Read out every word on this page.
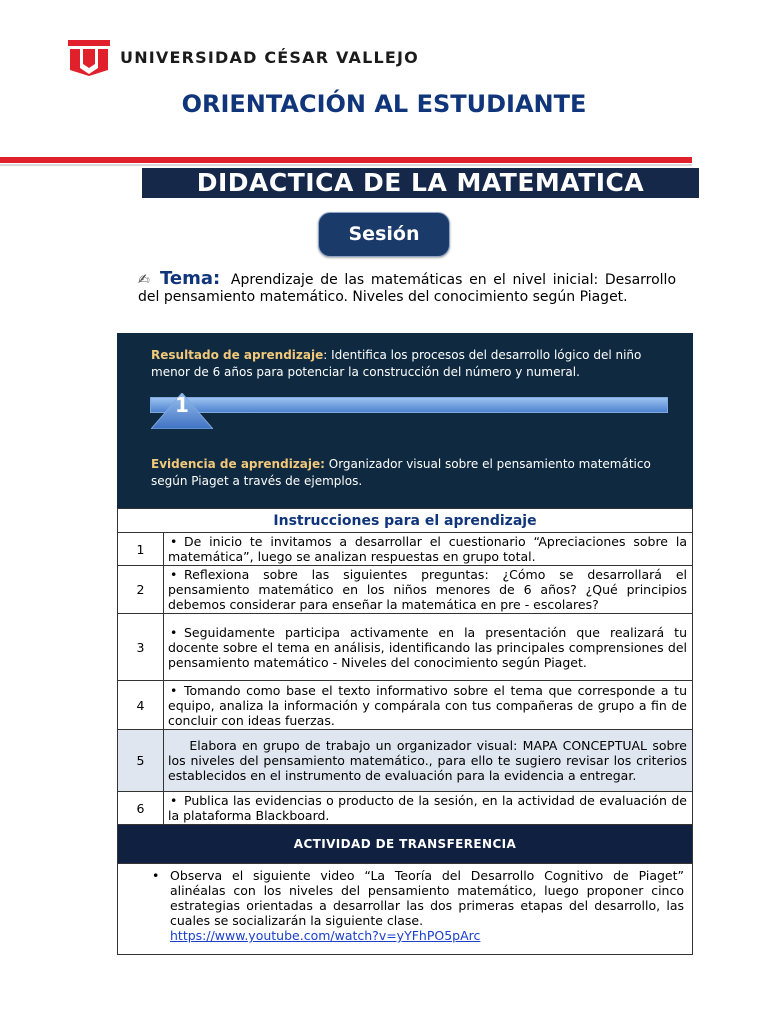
UNIVERSIDAD CÉSAR VALLEJO
ORIENTACIÓN AL ESTUDIANTE
DIDACTICA DE LA MATEMATICA
Sesión
✍ Tema: Aprendizaje de las matemáticas en el nivel inicial: Desarrollo del pensamiento matemático. Niveles del conocimiento según Piaget.
Resultado de aprendizaje: Identifica los procesos del desarrollo lógico del niño menor de 6 años para potenciar la construcción del número y numeral.
1
Evidencia de aprendizaje: Organizador visual sobre el pensamiento matemático según Piaget a través de ejemplos.
Instrucciones para el aprendizaje	
1	• De inicio te invitamos a desarrollar el cuestionario “Apreciaciones sobre la matemática”, luego se analizan respuestas en grupo total.
2	• Reflexiona sobre las siguientes preguntas: ¿Cómo se desarrollará el pensamiento matemático en los niños menores de 6 años? ¿Qué principios debemos considerar para enseñar la matemática en pre - escolares?
3	• Seguidamente participa activamente en la presentación que realizará tu docente sobre el tema en análisis, identificando las principales comprensiones del pensamiento matemático - Niveles del conocimiento según Piaget.
4	• Tomando como base el texto informativo sobre el tema que corresponde a tu equipo, analiza la información y compárala con tus compañeras de grupo a fin de concluir con ideas fuerzas.
5	Elabora en grupo de trabajo un organizador visual: MAPA CONCEPTUAL sobre los niveles del pensamiento matemático., para ello te sugiero revisar los criterios establecidos en el instrumento de evaluación para la evidencia a entregar.
6	• Publica las evidencias o producto de la sesión, en la actividad de evaluación de la plataforma Blackboard.
ACTIVIDAD DE TRANSFERENCIA	

• Observa el siguiente video “La Teoría del Desarrollo Cognitivo de Piaget” alinéalas con los niveles del pensamiento matemático, luego proponer cinco estrategias orientadas a desarrollar las dos primeras etapas del desarrollo, las cuales se socializarán la siguiente clase.
https://www.youtube.com/watch?v=yYFhPO5pArc	
